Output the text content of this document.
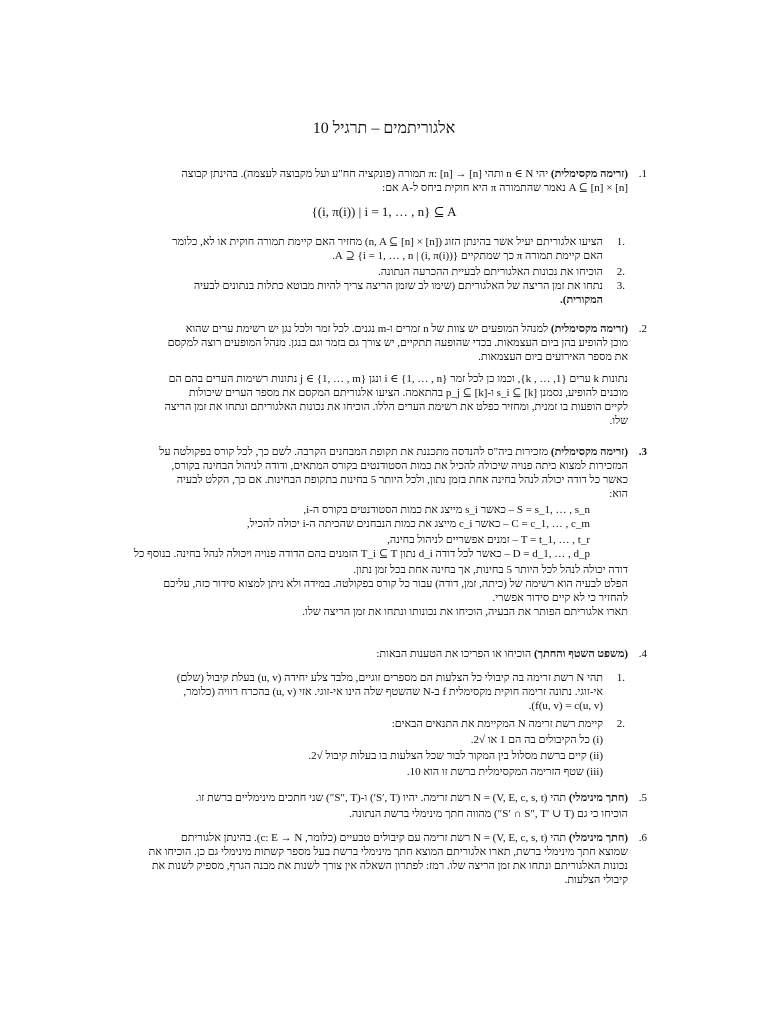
אלגוריתמים – תרגיל 10
.1
(זרימה מקסימלית) יהי n ∈ N ותהי π: [n] → [n] תמורה (פונקציה חח"ע ועל מקבוצה לעצמה). בהינתן קבוצה
A ⊆ [n] × [n] נאמר שהתמורה π היא חוקית ביחס ל-A אם:
{(i, π(i)) | i = 1, … , n} ⊆ A
1.
הציעו אלגוריתם יעיל אשר בהינתן הזוג (n, A ⊆ [n] × [n]) מחזיר האם קיימת תמורה חוקית או לא, כלומר
האם קיימת תמורה π כך שמתקיים {(i, π(i)) | i = 1, … , n} ⊆ A.
2.
הוכיחו את נכונות האלגוריתם לבעיית ההכרעה הנתונה.
3.
נתחו את זמן הריצה של האלגוריתם (שימו לב שזמן הריצה צריך להיות מבוטא כתלות בנתונים לבעיה
המקורית).
.2
(זרימה מקסימלית) למנהל המופעים יש צוות של n זמרים ו-m נגנים. לכל זמר ולכל נגן יש רשימת ערים שהוא
מוכן להופיע בהן ביום העצמאות. בכדי שהופעה תתקיים, יש צורך גם בזמר וגם בנגן. מנהל המופעים רוצה למקסם
את מספר האירועים ביום העצמאות.
נתונות k ערים {1, … , k}, וכמו כן לכל זמר i ∈ {1, … , n} ונגן j ∈ {1, … , m} נתונות רשימות הערים בהם הם
מוכנים להופיע, נסמנן s_i ⊆ [k] ו-p_j ⊆ [k] בהתאמה. הציעו אלגוריתם המקסם את מספר הערים שיכולות
לקיים הופעות בו זמנית, ומחזיר כפלט את רשימת הערים הללו. הוכיחו את נכונות האלגוריתם ונתחו את זמן הריצה
שלו.
.3
(זרימה מקסימלית) מזכירות ביה"ס להנדסה מתכננת את תקופת המבחנים הקרבה. לשם כך, לכל קורס בפקולטה על
המזכירות למצוא כיתה פנויה שיכולה להכיל את כמות הסטודנטים בקורס המתאים, ודודה לניהול הבחינה בקורס,
כאשר כל דודה יכולה לנהל בחינה אחת בזמן נתון, ולכל היותר 5 בחינות בתקופת הבחינות. אם כך, הקלט לבעיה
הוא:
S = s_1, … , s_n – כאשר s_i מייצג את כמות הסטודנטים בקורס ה-i,
C = c_1, … , c_m – כאשר c_i מייצג את כמות הנבחנים שהכיתה ה-i יכולה להכיל,
T = t_1, … , t_r – זמנים אפשריים לניהול בחינה,
D = d_1, … , d_p – כאשר לכל דודה d_i נתון T_i ⊆ T הזמנים בהם הדודה פנויה ויכולה לנהל בחינה. בנוסף כל
דודה יכולה לנהל לכל היותר 5 בחינות, אך בחינה אחת בכל זמן נתון.
הפלט לבעיה הוא רשימה של (כיתה, זמן, דודה) עבור כל קורס בפקולטה. במידה ולא ניתן למצוא סידור כזה, עליכם
להחזיר כי לא קיים סידור אפשרי.
תארו אלגוריתם הפותר את הבעיה, הוכיחו את נכונותו ונתחו את זמן הריצה שלו.
.4
(משפט השטף והחתך) הוכיחו או הפריכו את הטענות הבאות:
1.
תהי N רשת זרימה בה קיבולי כל הצלעות הם מספרים זוגיים, מלבד צלע יחידה (u, v) בעלת קיבול (שלם)
אי-זוגי. נתונה זרימה חוקית מקסימלית f ב-N שהשטף שלה הינו אי-זוגי. אזי (u, v) בהכרח רוויה (כלומר,
f(u, v) = c(u, v)).
2.
קיימת רשת זרימה N המקיימת את התנאים הבאים:
(i) כל הקיבולים בה הם 1 או √2.
(ii) קיים ברשת מסלול בין המקור לבור שכל הצלעות בו בעלות קיבול √2.
(iii) שטף הזרימה המקסימלית ברשת זו הוא 10.
.5
(חתך מינימלי) תהי N = (V, E, c, s, t) רשת זרימה. יהיו (S′, T′) ו-(S″, T″) שני חתכים מינימליים ברשת זו.
הוכיחו כי גם (S′ ∩ S″, T′ ∪ T″) מהווה חתך מינימלי ברשת הנתונה.
.6
(חתך מינימלי) תהי N = (V, E, c, s, t) רשת זרימה עם קיבולים טבעיים (כלומר, c: E → N). בהינתן אלגוריתם
שמוצא חתך מינימלי ברשת, תארו אלגוריתם המוצא חתך מינימלי ברשת בעל מספר קשתות מינימלי גם כן. הוכיחו את
נכונות האלגוריתם ונתחו את זמן הריצה שלו. רמז: לפתרון השאלה אין צורך לשנות את מבנה הגרף, מספיק לשנות את
קיבולי הצלעות.
